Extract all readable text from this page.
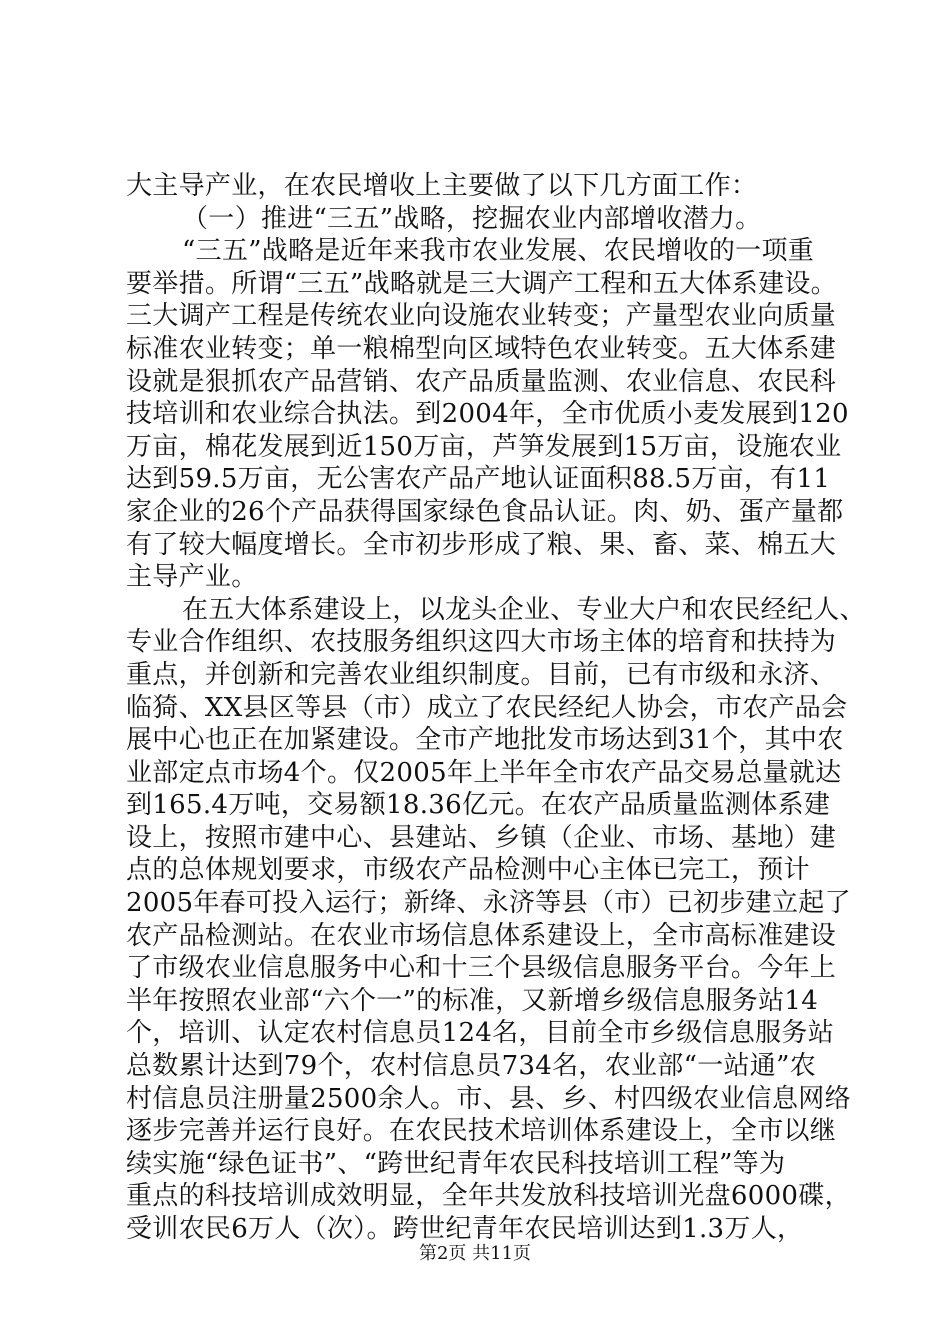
大主导产业，在农民增收上主要做了以下几方面工作：
（一）推进“三五”战略，挖掘农业内部增收潜力。
“三五”战略是近年来我市农业发展、农民增收的一项重
要举措。所谓“三五”战略就是三大调产工程和五大体系建设。
三大调产工程是传统农业向设施农业转变；产量型农业向质量
标准农业转变；单一粮棉型向区域特色农业转变。五大体系建
设就是狠抓农产品营销、农产品质量监测、农业信息、农民科
技培训和农业综合执法。到2004年，全市优质小麦发展到120
万亩，棉花发展到近150万亩，芦笋发展到15万亩，设施农业
达到59.5万亩，无公害农产品产地认证面积88.5万亩，有11
家企业的26个产品获得国家绿色食品认证。肉、奶、蛋产量都
有了较大幅度增长。全市初步形成了粮、果、畜、菜、棉五大
主导产业。
在五大体系建设上，以龙头企业、专业大户和农民经纪人、
专业合作组织、农技服务组织这四大市场主体的培育和扶持为
重点，并创新和完善农业组织制度。目前，已有市级和永济、
临猗、XX县区等县（市）成立了农民经纪人协会，市农产品会
展中心也正在加紧建设。全市产地批发市场达到31个，其中农
业部定点市场4个。仅2005年上半年全市农产品交易总量就达
到165.4万吨，交易额18.36亿元。在农产品质量监测体系建
设上，按照市建中心、县建站、乡镇（企业、市场、基地）建
点的总体规划要求，市级农产品检测中心主体已完工，预计
2005年春可投入运行；新绛、永济等县（市）已初步建立起了
农产品检测站。在农业市场信息体系建设上，全市高标准建设
了市级农业信息服务中心和十三个县级信息服务平台。今年上
半年按照农业部“六个一”的标准，又新增乡级信息服务站14
个，培训、认定农村信息员124名，目前全市乡级信息服务站
总数累计达到79个，农村信息员734名，农业部“一站通”农
村信息员注册量2500余人。市、县、乡、村四级农业信息网络
逐步完善并运行良好。在农民技术培训体系建设上，全市以继
续实施“绿色证书”、“跨世纪青年农民科技培训工程”等为
重点的科技培训成效明显，全年共发放科技培训光盘6000碟，
受训农民6万人（次）。跨世纪青年农民培训达到1.3万人，
第2页 共11页
